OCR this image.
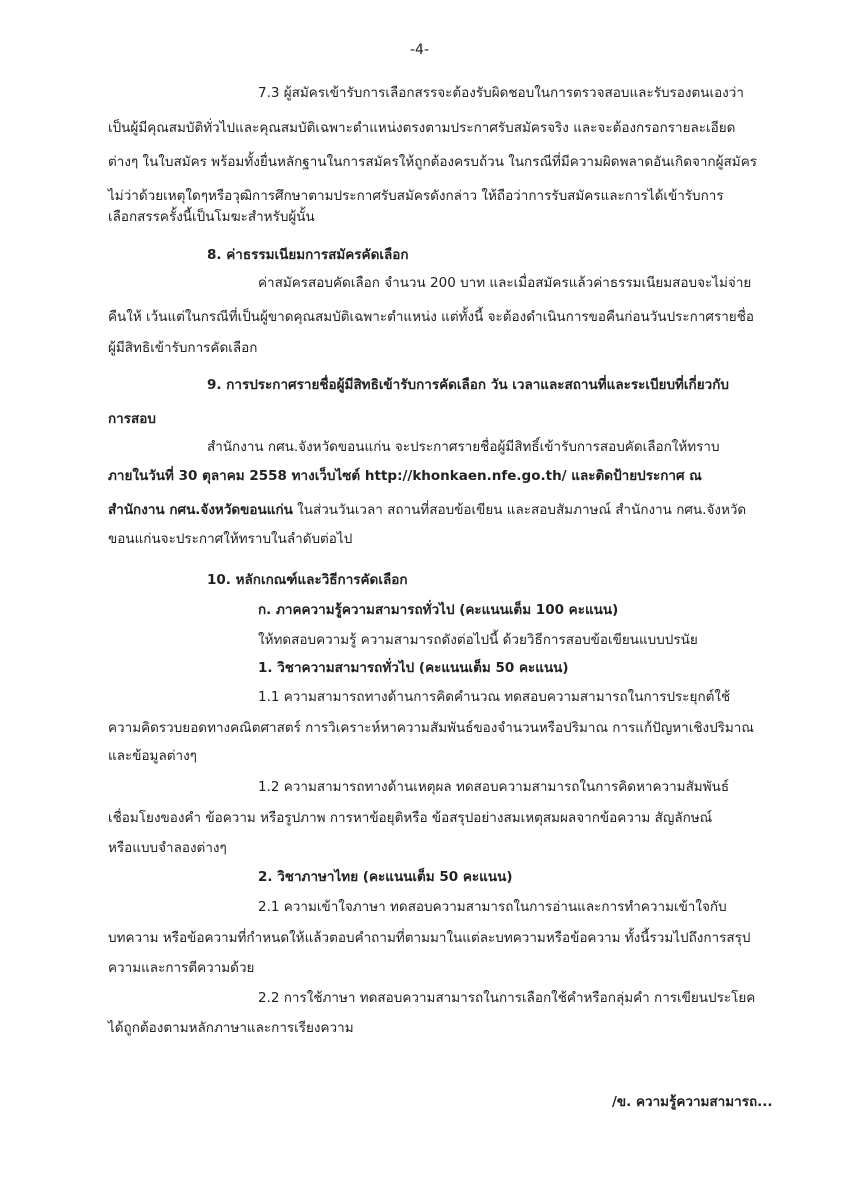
-4-
7.3 ผู้สมัครเข้ารับการเลือกสรรจะต้องรับผิดชอบในการตรวจสอบและรับรองตนเองว่า
เป็นผู้มีคุณสมบัติทั่วไปและคุณสมบัติเฉพาะตำแหน่งตรงตามประกาศรับสมัครจริง และจะต้องกรอกรายละเอียด
ต่างๆ ในใบสมัคร พร้อมทั้งยื่นหลักฐานในการสมัครให้ถูกต้องครบถ้วน ในกรณีที่มีความผิดพลาดอันเกิดจากผู้สมัคร
ไม่ว่าด้วยเหตุใดๆหรือวุฒิการศึกษาตามประกาศรับสมัครดังกล่าว ให้ถือว่าการรับสมัครและการได้เข้ารับการ
เลือกสรรครั้งนี้เป็นโมฆะสำหรับผู้นั้น
8. ค่าธรรมเนียมการสมัครคัดเลือก
ค่าสมัครสอบคัดเลือก จำนวน 200 บาท และเมื่อสมัครแล้วค่าธรรมเนียมสอบจะไม่จ่าย
คืนให้ เว้นแต่ในกรณีที่เป็นผู้ขาดคุณสมบัติเฉพาะตำแหน่ง แต่ทั้งนี้ จะต้องดำเนินการขอคืนก่อนวันประกาศรายชื่อ
ผู้มีสิทธิเข้ารับการคัดเลือก
9. การประกาศรายชื่อผู้มีสิทธิเข้ารับการคัดเลือก วัน เวลาและสถานที่และระเบียบที่เกี่ยวกับ
การสอบ
สำนักงาน กศน.จังหวัดขอนแก่น จะประกาศรายชื่อผู้มีสิทธิ์เข้ารับการสอบคัดเลือกให้ทราบ
ภายในวันที่ 30 ตุลาคม 2558 ทางเว็บไซต์ http://khonkaen.nfe.go.th/ และติดป้ายประกาศ ณ
สำนักงาน กศน.จังหวัดขอนแก่น ในส่วนวันเวลา สถานที่สอบข้อเขียน และสอบสัมภาษณ์ สำนักงาน กศน.จังหวัด
ขอนแก่นจะประกาศให้ทราบในลำดับต่อไป
10. หลักเกณฑ์และวิธีการคัดเลือก
ก. ภาคความรู้ความสามารถทั่วไป (คะแนนเต็ม 100 คะแนน)
ให้ทดสอบความรู้ ความสามารถดังต่อไปนี้ ด้วยวิธีการสอบข้อเขียนแบบปรนัย
1. วิชาความสามารถทั่วไป (คะแนนเต็ม 50 คะแนน)
1.1 ความสามารถทางด้านการคิดคำนวณ ทดสอบความสามารถในการประยุกต์ใช้
ความคิดรวบยอดทางคณิตศาสตร์ การวิเคราะห์หาความสัมพันธ์ของจำนวนหรือปริมาณ การแก้ปัญหาเชิงปริมาณ
และข้อมูลต่างๆ
1.2 ความสามารถทางด้านเหตุผล ทดสอบความสามารถในการคิดหาความสัมพันธ์
เชื่อมโยงของคำ ข้อความ หรือรูปภาพ การหาข้อยุติหรือ ข้อสรุปอย่างสมเหตุสมผลจากข้อความ สัญลักษณ์
หรือแบบจำลองต่างๆ
2. วิชาภาษาไทย (คะแนนเต็ม 50 คะแนน)
2.1 ความเข้าใจภาษา ทดสอบความสามารถในการอ่านและการทำความเข้าใจกับ
บทความ หรือข้อความที่กำหนดให้แล้วตอบคำถามที่ตามมาในแต่ละบทความหรือข้อความ ทั้งนี้รวมไปถึงการสรุป
ความและการตีความด้วย
2.2 การใช้ภาษา ทดสอบความสามารถในการเลือกใช้คำหรือกลุ่มคำ การเขียนประโยค
ได้ถูกต้องตามหลักภาษาและการเรียงความ
/ข. ความรู้ความสามารถ...
